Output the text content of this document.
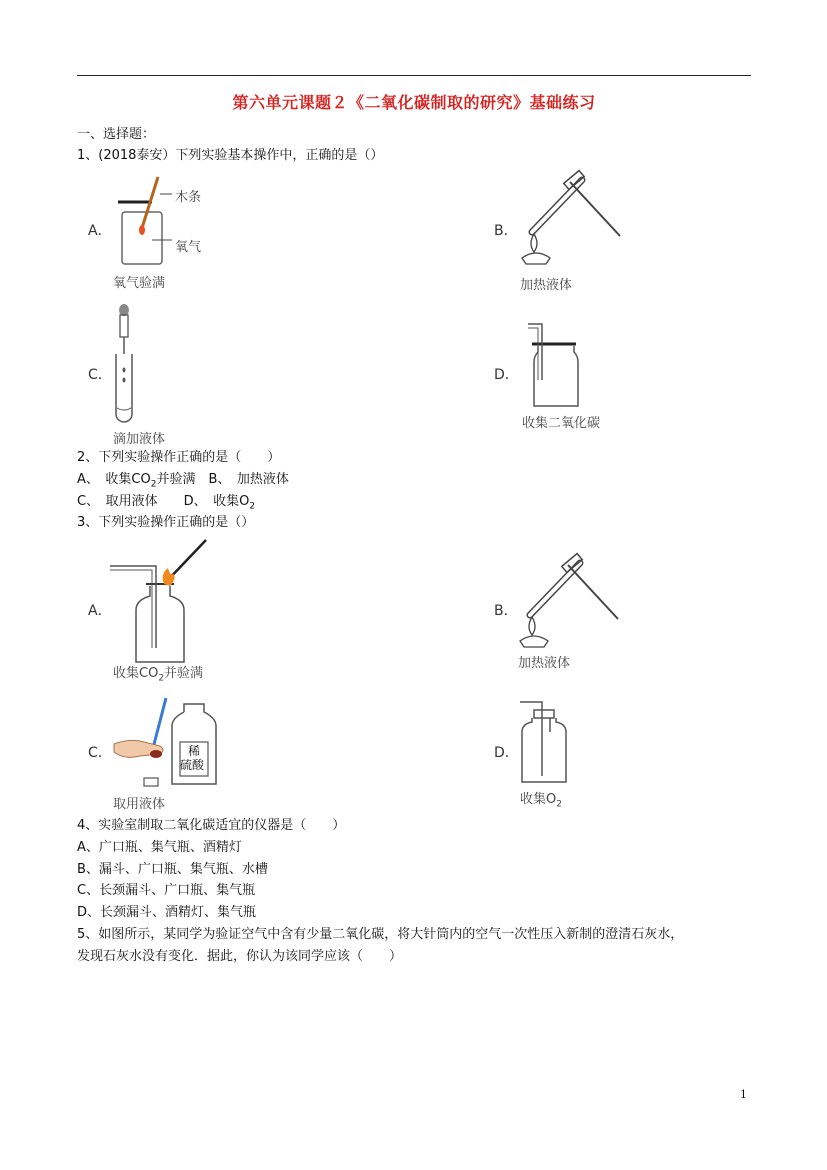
第六单元课题２《二氧化碳制取的研究》基础练习
一、选择题：
1、(2018泰安）下列实验基本操作中，正确的是（）
A．
木条
氧气
氧气验满
B．
加热液体
C．
滴加液体
D．
收集二氧化碳
2、下列实验操作正确的是（　　）
A、　收集$CO_2$并验满　B、　加热液体
C、　取用液体　　D、　收集$O_2$
3、下列实验操作正确的是（）
A．
收集$CO_2$并验满
B．
加热液体
C．	稀
硫酸
取用液体
D．
收集$O_2$
4、实验室制取二氧化碳适宜的仪器是（　　）
A、广口瓶、集气瓶、酒精灯
B、漏斗、广口瓶、集气瓶、水槽
C、长颈漏斗、广口瓶、集气瓶
D、长颈漏斗、酒精灯、集气瓶
5、如图所示，某同学为验证空气中含有少量二氧化碳，将大针筒内的空气一次性压入新制的澄清石灰水，
发现石灰水没有变化．据此，你认为该同学应该（　　）
1
